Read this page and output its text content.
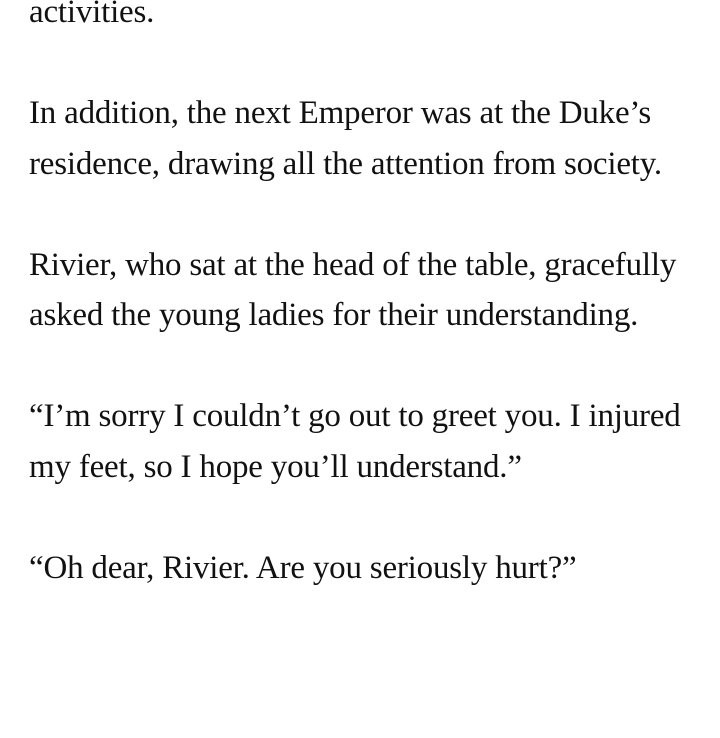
activities.

In addition, the next Emperor was at the Duke’s residence, drawing all the attention from society.

Rivier, who sat at the head of the table, gracefully asked the young ladies for their understanding.

“I’m sorry I couldn’t go out to greet you. I injured my feet, so I hope you’ll understand.”

“Oh dear, Rivier. Are you seriously hurt?”
